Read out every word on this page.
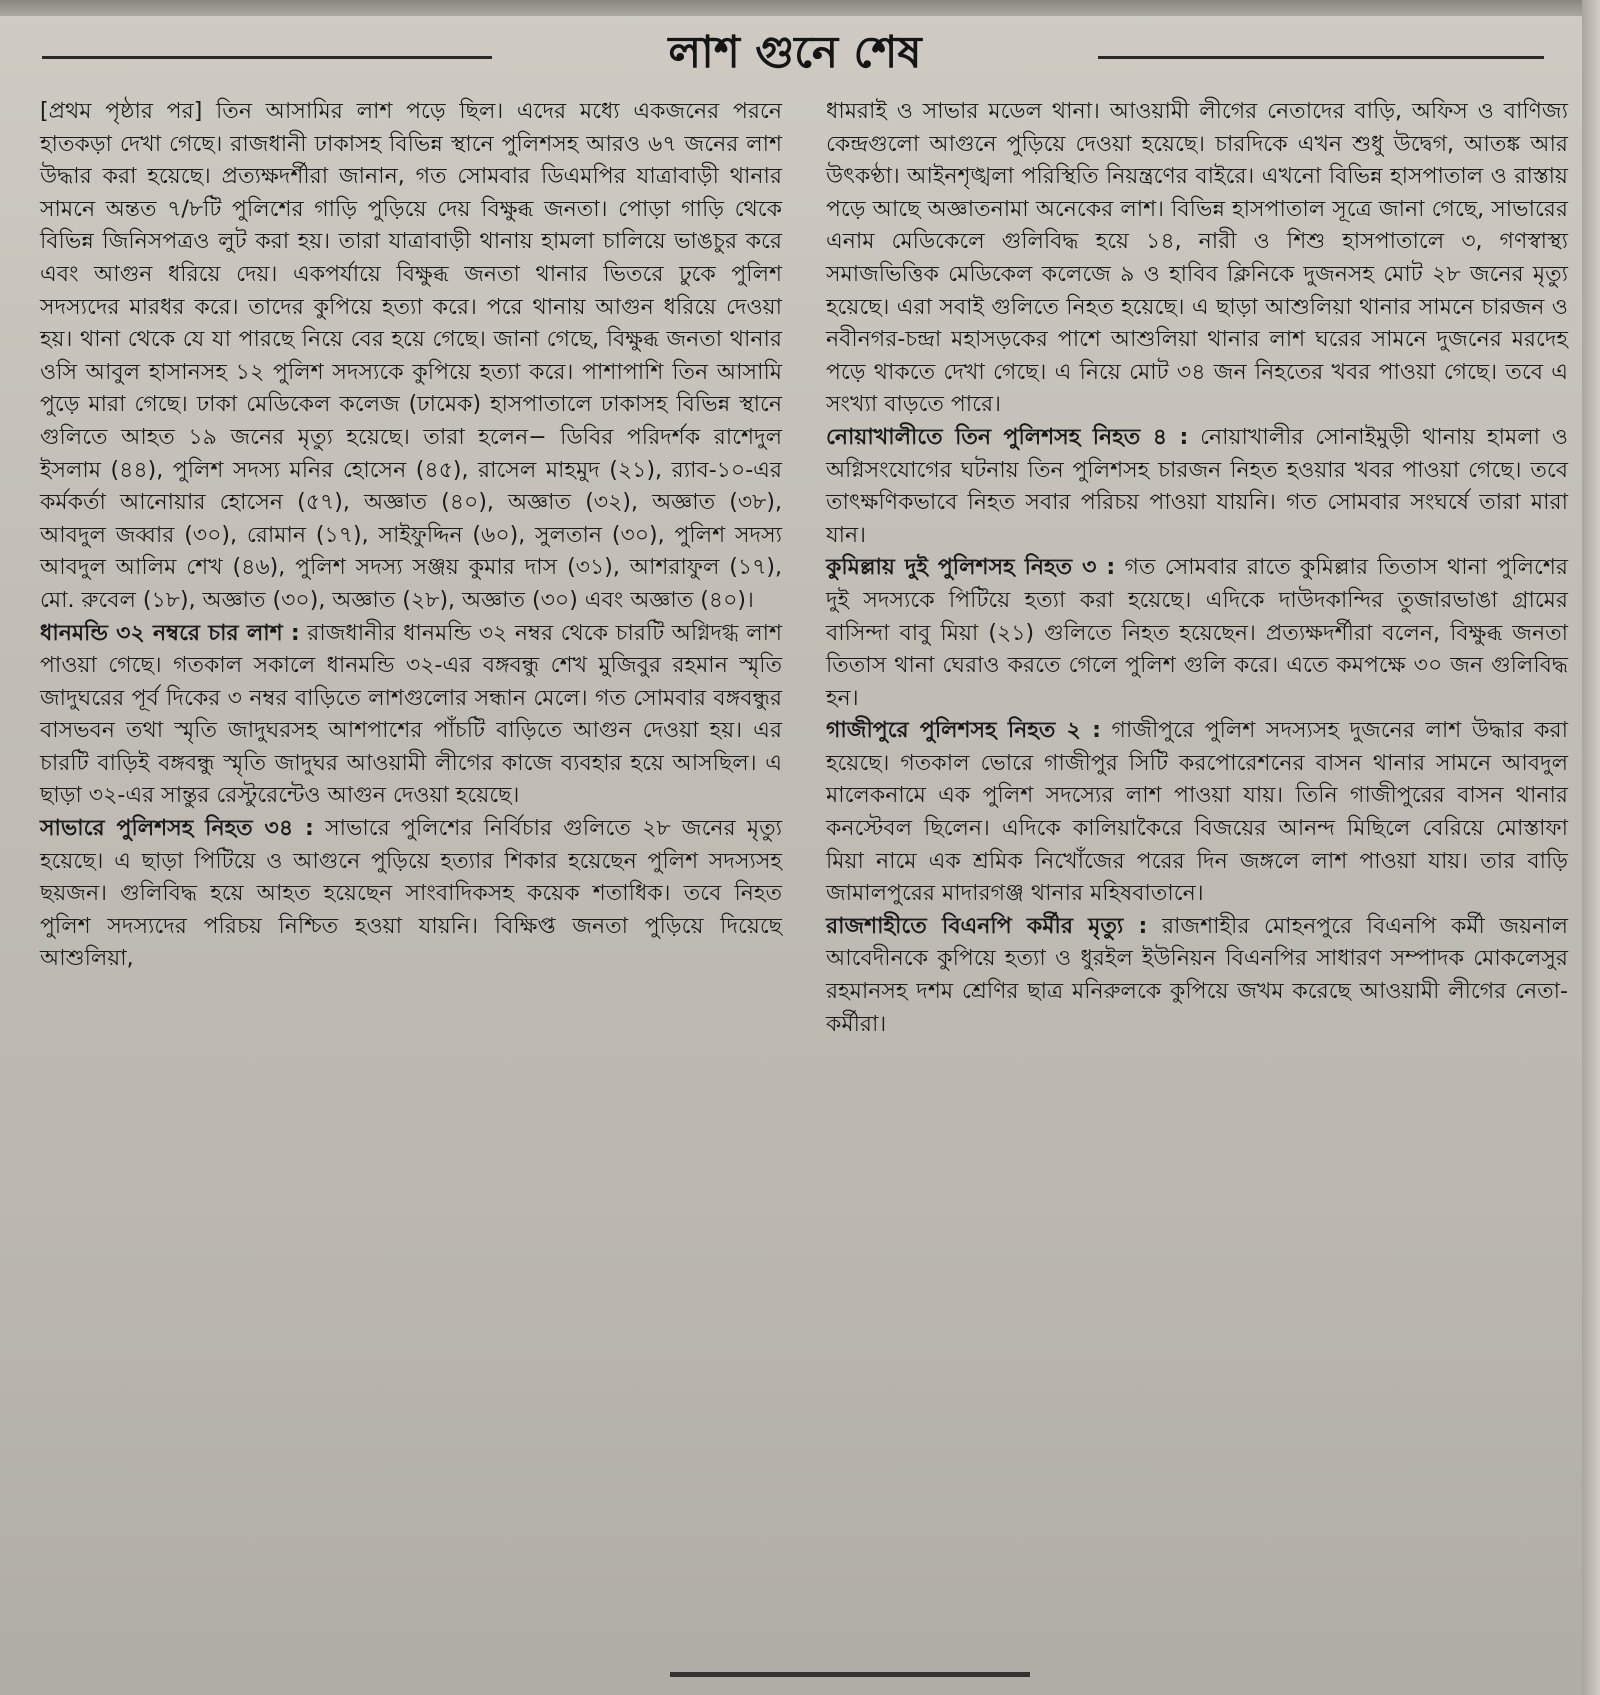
লাশ গুনে শেষ

[প্রথম পৃষ্ঠার পর] তিন আসামির লাশ পড়ে ছিল। এদের মধ্যে একজনের পরনে হাতকড়া দেখা গেছে। রাজধানী ঢাকাসহ বিভিন্ন স্থানে পুলিশসহ আরও ৬৭ জনের লাশ উদ্ধার করা হয়েছে। প্রত্যক্ষদর্শীরা জানান, গত সোমবার ডিএমপির যাত্রাবাড়ী থানার সামনে অন্তত ৭/৮টি পুলিশের গাড়ি পুড়িয়ে দেয় বিক্ষুব্ধ জনতা। পোড়া গাড়ি থেকে বিভিন্ন জিনিসপত্রও লুট করা হয়। তারা যাত্রাবাড়ী থানায় হামলা চালিয়ে ভাঙচুর করে এবং আগুন ধরিয়ে দেয়। একপর্যায়ে বিক্ষুব্ধ জনতা থানার ভিতরে ঢুকে পুলিশ সদস্যদের মারধর করে। তাদের কুপিয়ে হত্যা করে। পরে থানায় আগুন ধরিয়ে দেওয়া হয়। থানা থেকে যে যা পারছে নিয়ে বের হয়ে গেছে। জানা গেছে, বিক্ষুব্ধ জনতা থানার ওসি আবুল হাসানসহ ১২ পুলিশ সদস্যকে কুপিয়ে হত্যা করে। পাশাপাশি তিন আসামি পুড়ে মারা গেছে। ঢাকা মেডিকেল কলেজ (ঢামেক) হাসপাতালে ঢাকাসহ বিভিন্ন স্থানে গুলিতে আহত ১৯ জনের মৃত্যু হয়েছে। তারা হলেন− ডিবির পরিদর্শক রাশেদুল ইসলাম (৪৪), পুলিশ সদস্য মনির হোসেন (৪৫), রাসেল মাহমুদ (২১), র‌্যাব-১০-এর কর্মকর্তা আনোয়ার হোসেন (৫৭), অজ্ঞাত (৪০), অজ্ঞাত (৩২), অজ্ঞাত (৩৮), আবদুল জব্বার (৩০), রোমান (১৭), সাইফুদ্দিন (৬০), সুলতান (৩০), পুলিশ সদস্য আবদুল আলিম শেখ (৪৬), পুলিশ সদস্য সঞ্জয় কুমার দাস (৩১), আশরাফুল (১৭), মো. রুবেল (১৮), অজ্ঞাত (৩০), অজ্ঞাত (২৮), অজ্ঞাত (৩০) এবং অজ্ঞাত (৪০)।

ধানমন্ডি ৩২ নম্বরে চার লাশ : রাজধানীর ধানমন্ডি ৩২ নম্বর থেকে চারটি অগ্নিদগ্ধ লাশ পাওয়া গেছে। গতকাল সকালে ধানমন্ডি ৩২-এর বঙ্গবন্ধু শেখ মুজিবুর রহমান স্মৃতি জাদুঘরের পূর্ব দিকের ৩ নম্বর বাড়িতে লাশগুলোর সন্ধান মেলে। গত সোমবার বঙ্গবন্ধুর বাসভবন তথা স্মৃতি জাদুঘরসহ আশপাশের পাঁচটি বাড়িতে আগুন দেওয়া হয়। এর চারটি বাড়িই বঙ্গবন্ধু স্মৃতি জাদুঘর আওয়ামী লীগের কাজে ব্যবহার হয়ে আসছিল। এ ছাড়া ৩২-এর সান্তুর রেস্টুরেন্টেও আগুন দেওয়া হয়েছে।

সাভারে পুলিশসহ নিহত ৩৪ : সাভারে পুলিশের নির্বিচার গুলিতে ২৮ জনের মৃত্যু হয়েছে। এ ছাড়া পিটিয়ে ও আগুনে পুড়িয়ে হত্যার শিকার হয়েছেন পুলিশ সদস্যসহ ছয়জন। গুলিবিদ্ধ হয়ে আহত হয়েছেন সাংবাদিকসহ কয়েক শতাধিক। তবে নিহত পুলিশ সদস্যদের পরিচয় নিশ্চিত হওয়া যায়নি। বিক্ষিপ্ত জনতা পুড়িয়ে দিয়েছে আশুলিয়া,

ধামরাই ও সাভার মডেল থানা। আওয়ামী লীগের নেতাদের বাড়ি, অফিস ও বাণিজ্য কেন্দ্রগুলো আগুনে পুড়িয়ে দেওয়া হয়েছে। চারদিকে এখন শুধু উদ্বেগ, আতঙ্ক আর উৎকণ্ঠা। আইনশৃঙ্খলা পরিস্থিতি নিয়ন্ত্রণের বাইরে। এখনো বিভিন্ন হাসপাতাল ও রাস্তায় পড়ে আছে অজ্ঞাতনামা অনেকের লাশ। বিভিন্ন হাসপাতাল সূত্রে জানা গেছে, সাভারের এনাম মেডিকেলে গুলিবিদ্ধ হয়ে ১৪, নারী ও শিশু হাসপাতালে ৩, গণস্বাস্থ্য সমাজভিত্তিক মেডিকেল কলেজে ৯ ও হাবিব ক্লিনিকে দুজনসহ মোট ২৮ জনের মৃত্যু হয়েছে। এরা সবাই গুলিতে নিহত হয়েছে। এ ছাড়া আশুলিয়া থানার সামনে চারজন ও নবীনগর-চন্দ্রা মহাসড়কের পাশে আশুলিয়া থানার লাশ ঘরের সামনে দুজনের মরদেহ পড়ে থাকতে দেখা গেছে। এ নিয়ে মোট ৩৪ জন নিহতের খবর পাওয়া গেছে। তবে এ সংখ্যা বাড়তে পারে।

নোয়াখালীতে তিন পুলিশসহ নিহত ৪ : নোয়াখালীর সোনাইমুড়ী থানায় হামলা ও অগ্নিসংযোগের ঘটনায় তিন পুলিশসহ চারজন নিহত হওয়ার খবর পাওয়া গেছে। তবে তাৎক্ষণিকভাবে নিহত সবার পরিচয় পাওয়া যায়নি। গত সোমবার সংঘর্ষে তারা মারা যান।

কুমিল্লায় দুই পুলিশসহ নিহত ৩ : গত সোমবার রাতে কুমিল্লার তিতাস থানা পুলিশের দুই সদস্যকে পিটিয়ে হত্যা করা হয়েছে। এদিকে দাউদকান্দির তুজারভাঙা গ্রামের বাসিন্দা বাবু মিয়া (২১) গুলিতে নিহত হয়েছেন। প্রত্যক্ষদর্শীরা বলেন, বিক্ষুব্ধ জনতা তিতাস থানা ঘেরাও করতে গেলে পুলিশ গুলি করে। এতে কমপক্ষে ৩০ জন গুলিবিদ্ধ হন।

গাজীপুরে পুলিশসহ নিহত ২ : গাজীপুরে পুলিশ সদস্যসহ দুজনের লাশ উদ্ধার করা হয়েছে। গতকাল ভোরে গাজীপুর সিটি করপোরেশনের বাসন থানার সামনে আবদুল মালেকনামে এক পুলিশ সদস্যের লাশ পাওয়া যায়। তিনি গাজীপুরের বাসন থানার কনস্টেবল ছিলেন। এদিকে কালিয়াকৈরে বিজয়ের আনন্দ মিছিলে বেরিয়ে মোস্তাফা মিয়া নামে এক শ্রমিক নিখোঁজের পরের দিন জঙ্গলে লাশ পাওয়া যায়। তার বাড়ি জামালপুরের মাদারগঞ্জ থানার মহিষবাতানে।

রাজশাহীতে বিএনপি কর্মীর মৃত্যু : রাজশাহীর মোহনপুরে বিএনপি কর্মী জয়নাল আবেদীনকে কুপিয়ে হত্যা ও ধুরইল ইউনিয়ন বিএনপির সাধারণ সম্পাদক মোকলেসুর রহমানসহ দশম শ্রেণির ছাত্র মনিরুলকে কুপিয়ে জখম করেছে আওয়ামী লীগের নেতা-কর্মীরা।
